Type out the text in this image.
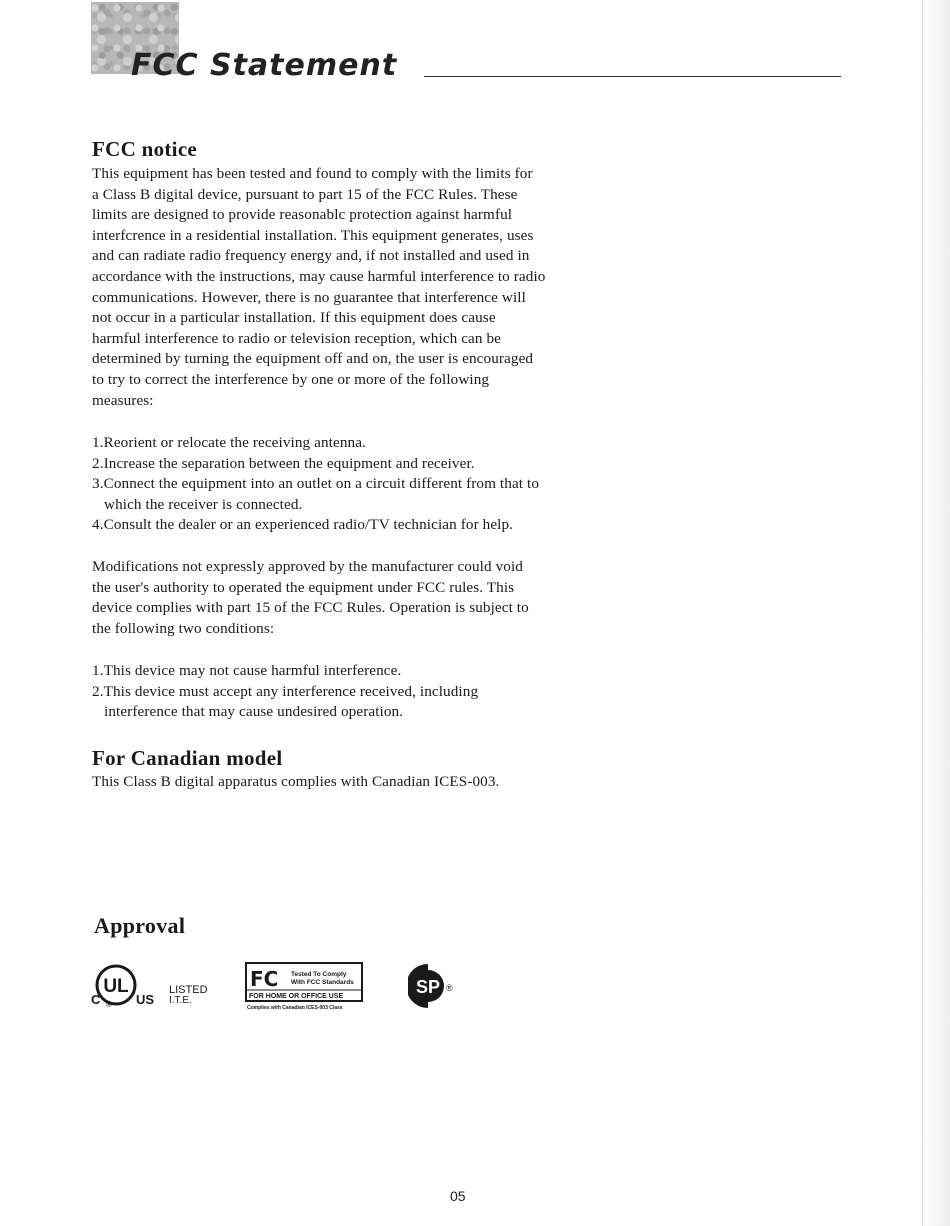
FCC Statement
FCC notice
This equipment has been tested and found to comply with the limits for
a Class B digital device, pursuant to part 15 of the FCC Rules. These
limits are designed to provide reasonablc protection against harmful
interfcrence in a residential installation. This equipment generates, uses
and can radiate radio frequency energy and, if not installed and used in
accordance with the instructions, may cause harmful interference to radio
communications. However, there is no guarantee that interference will
not occur in a particular installation. If this equipment does cause
harmful interference to radio or television reception, which can be
determined by turning the equipment off and on, the user is encouraged
to try to correct the interference by one or more of the following
measures:
1.Reorient or relocate the receiving antenna.
2.Increase the separation between the equipment and receiver.
3.Connect the equipment into an outlet on a circuit different from that to
which the receiver is connected.
4.Consult the dealer or an experienced radio/TV technician for help.
Modifications not expressly approved by the manufacturer could void
the user's authority to operated the equipment under FCC rules. This
device complies with part 15 of the FCC Rules. Operation is subject to
the following two conditions:
1.This device may not cause harmful interference.
2.This device must accept any interference received, including
interference that may cause undesired operation.
For Canadian model
This Class B digital apparatus complies with Canadian ICES-003.
Approval
UL
C	US
®
LISTED
I.T.E.
FC Tested To Comply
With FCC Standards
FOR HOME OR OFFICE USE
Complies with Canadian ICES-003 Class
SP ®

05
